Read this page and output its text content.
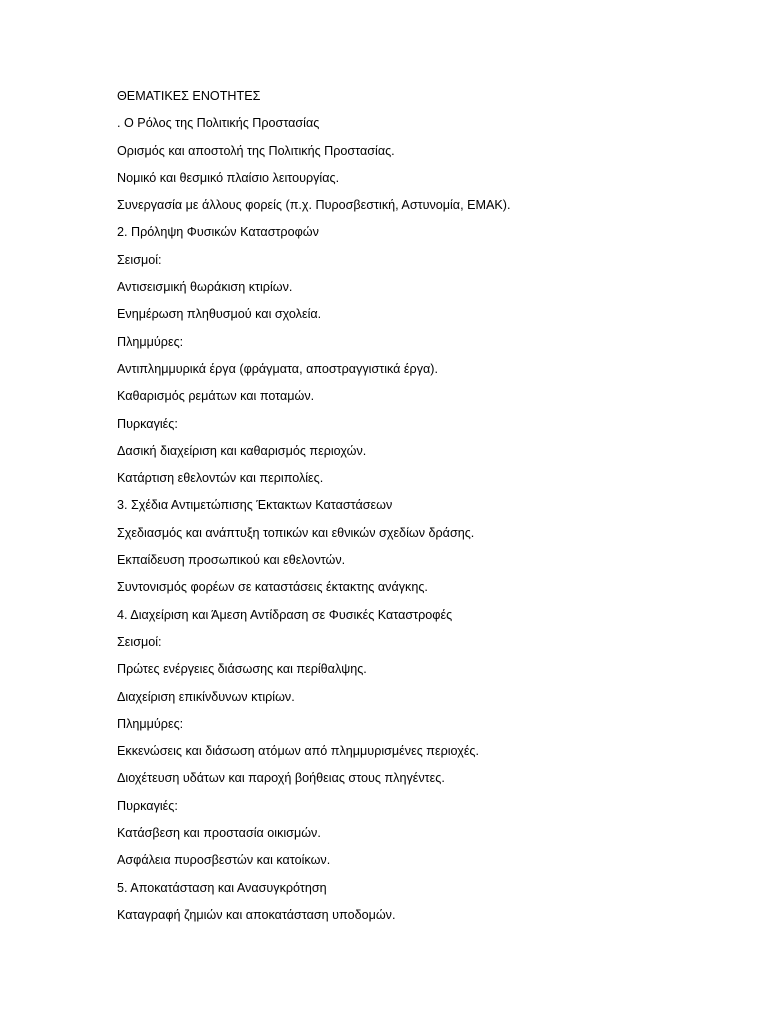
ΘΕΜΑΤΙΚΕΣ ΕΝΟΤΗΤΕΣ
. Ο Ρόλος της Πολιτικής Προστασίας
Ορισμός και αποστολή της Πολιτικής Προστασίας.
Νομικό και θεσμικό πλαίσιο λειτουργίας.
Συνεργασία με άλλους φορείς (π.χ. Πυροσβεστική, Αστυνομία, ΕΜΑΚ).
2. Πρόληψη Φυσικών Καταστροφών
Σεισμοί:
Αντισεισμική θωράκιση κτιρίων.
Ενημέρωση πληθυσμού και σχολεία.
Πλημμύρες:
Αντιπλημμυρικά έργα (φράγματα, αποστραγγιστικά έργα).
Καθαρισμός ρεμάτων και ποταμών.
Πυρκαγιές:
Δασική διαχείριση και καθαρισμός περιοχών.
Κατάρτιση εθελοντών και περιπολίες.
3. Σχέδια Αντιμετώπισης Έκτακτων Καταστάσεων
Σχεδιασμός και ανάπτυξη τοπικών και εθνικών σχεδίων δράσης.
Εκπαίδευση προσωπικού και εθελοντών.
Συντονισμός φορέων σε καταστάσεις έκτακτης ανάγκης.
4. Διαχείριση και Άμεση Αντίδραση σε Φυσικές Καταστροφές
Σεισμοί:
Πρώτες ενέργειες διάσωσης και περίθαλψης.
Διαχείριση επικίνδυνων κτιρίων.
Πλημμύρες:
Εκκενώσεις και διάσωση ατόμων από πλημμυρισμένες περιοχές.
Διοχέτευση υδάτων και παροχή βοήθειας στους πληγέντες.
Πυρκαγιές:
Κατάσβεση και προστασία οικισμών.
Ασφάλεια πυροσβεστών και κατοίκων.
5. Αποκατάσταση και Ανασυγκρότηση
Καταγραφή ζημιών και αποκατάσταση υποδομών.
